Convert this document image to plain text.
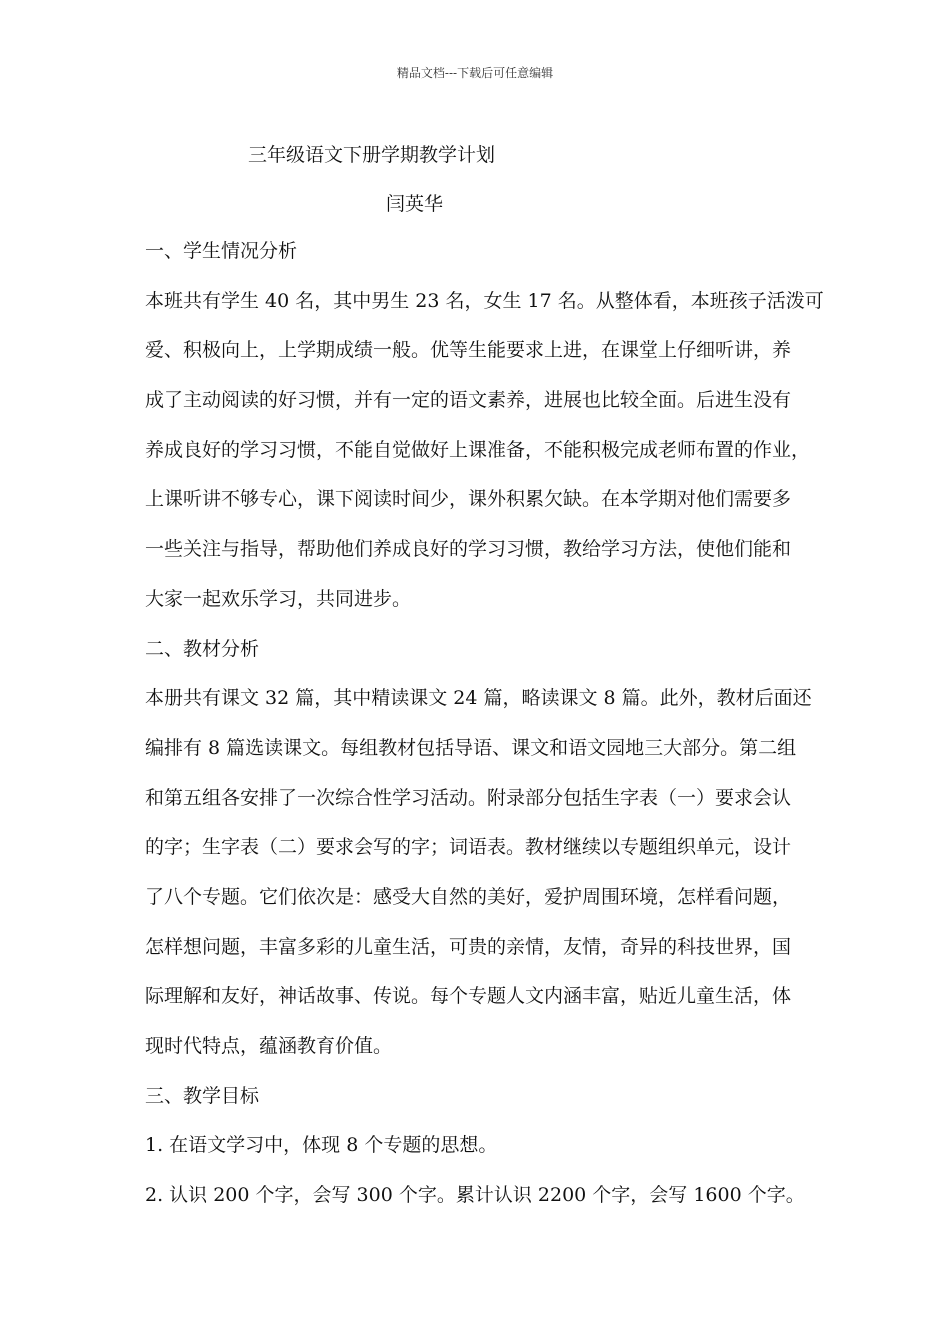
精品文档---下载后可任意编辑
三年级语文下册学期教学计划
闫英华
一、学生情况分析
本班共有学生 40 名，其中男生 23 名，女生 17 名。从整体看，本班孩子活泼可
爱、积极向上，上学期成绩一般。优等生能要求上进，在课堂上仔细听讲，养
成了主动阅读的好习惯，并有一定的语文素养，进展也比较全面。后进生没有
养成良好的学习习惯，不能自觉做好上课准备，不能积极完成老师布置的作业，
上课听讲不够专心，课下阅读时间少，课外积累欠缺。在本学期对他们需要多
一些关注与指导，帮助他们养成良好的学习习惯，教给学习方法，使他们能和
大家一起欢乐学习，共同进步。
二、教材分析
本册共有课文 32 篇，其中精读课文 24 篇，略读课文 8 篇。此外，教材后面还
编排有 8 篇选读课文。每组教材包括导语、课文和语文园地三大部分。第二组
和第五组各安排了一次综合性学习活动。附录部分包括生字表（一）要求会认
的字；生字表（二）要求会写的字；词语表。教材继续以专题组织单元，设计
了八个专题。它们依次是：感受大自然的美好，爱护周围环境，怎样看问题，
怎样想问题，丰富多彩的儿童生活，可贵的亲情，友情，奇异的科技世界，国
际理解和友好，神话故事、传说。每个专题人文内涵丰富，贴近儿童生活，体
现时代特点，蕴涵教育价值。
三、教学目标
1. 在语文学习中，体现 8 个专题的思想。
2. 认识 200 个字，会写 300 个字。累计认识 2200 个字，会写 1600 个字。
